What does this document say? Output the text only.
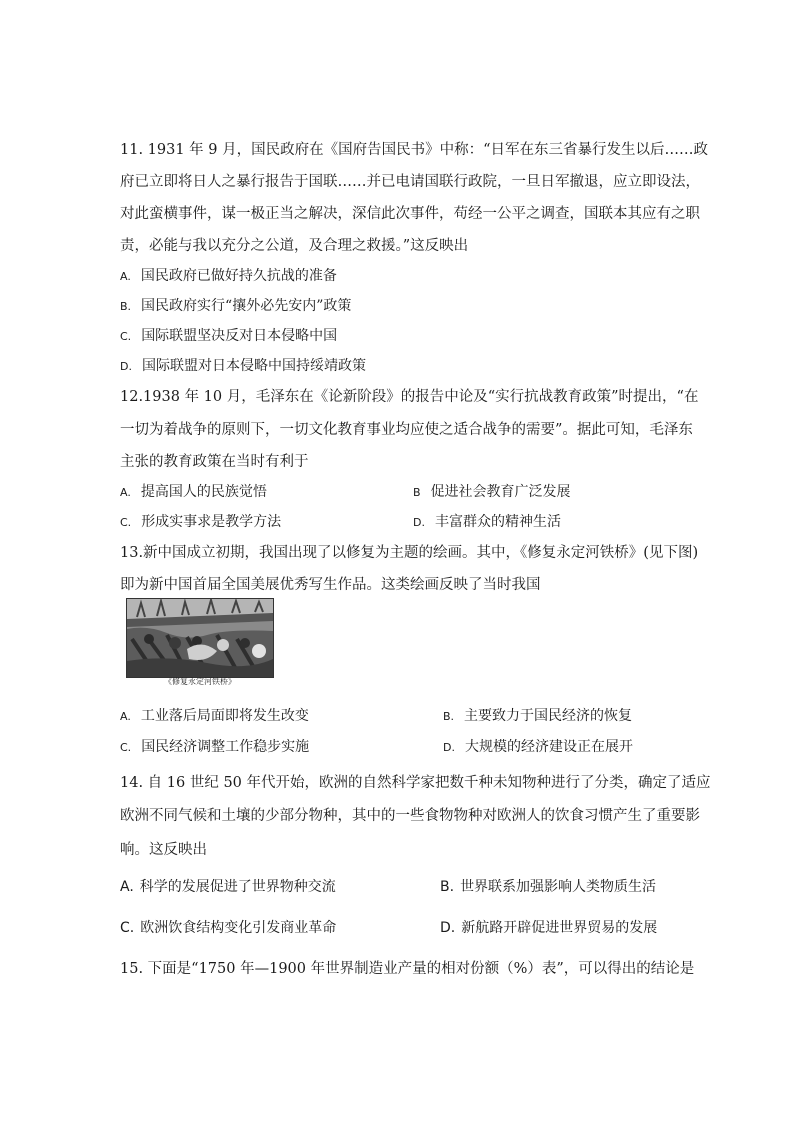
11. 1931 年 9 月，国民政府在《国府告国民书》中称：“日军在东三省暴行发生以后……政
府已立即将日人之暴行报告于国联……并已电请国联行政院，一旦日军撤退，应立即设法，
对此蛮横事件，谋一极正当之解决，深信此次事件，苟经一公平之调查，国联本其应有之职
责，必能与我以充分之公道，及合理之救援。”这反映出
A. 国民政府已做好持久抗战的准备
B. 国民政府实行“攘外必先安内”政策
C. 国际联盟坚决反对日本侵略中国
D. 国际联盟对日本侵略中国持绥靖政策
12.1938 年 10 月，毛泽东在《论新阶段》的报告中论及“实行抗战教育政策”时提出，“在
一切为着战争的原则下，一切文化教育事业均应使之适合战争的需要”。据此可知，毛泽东
主张的教育政策在当时有利于
A. 提高国人的民族觉悟	B 促进社会教育广泛发展
C. 形成实事求是教学方法	D. 丰富群众的精神生活
13.新中国成立初期，我国出现了以修复为主题的绘画。其中，《修复永定河铁桥》(见下图)
即为新中国首届全国美展优秀写生作品。这类绘画反映了当时我国
《修复永定河铁桥》
A. 工业落后局面即将发生改变	B. 主要致力于国民经济的恢复
C. 国民经济调整工作稳步实施	D. 大规模的经济建设正在展开
14. 自 16 世纪 50 年代开始，欧洲的自然科学家把数千种未知物种进行了分类，确定了适应
欧洲不同气候和土壤的少部分物种，其中的一些食物物种对欧洲人的饮食习惯产生了重要影
响。这反映出
A. 科学的发展促进了世界物种交流	B. 世界联系加强影响人类物质生活
C. 欧洲饮食结构变化引发商业革命	D. 新航路开辟促进世界贸易的发展
15. 下面是“1750 年—1900 年世界制造业产量的相对份额（%）表”，可以得出的结论是
